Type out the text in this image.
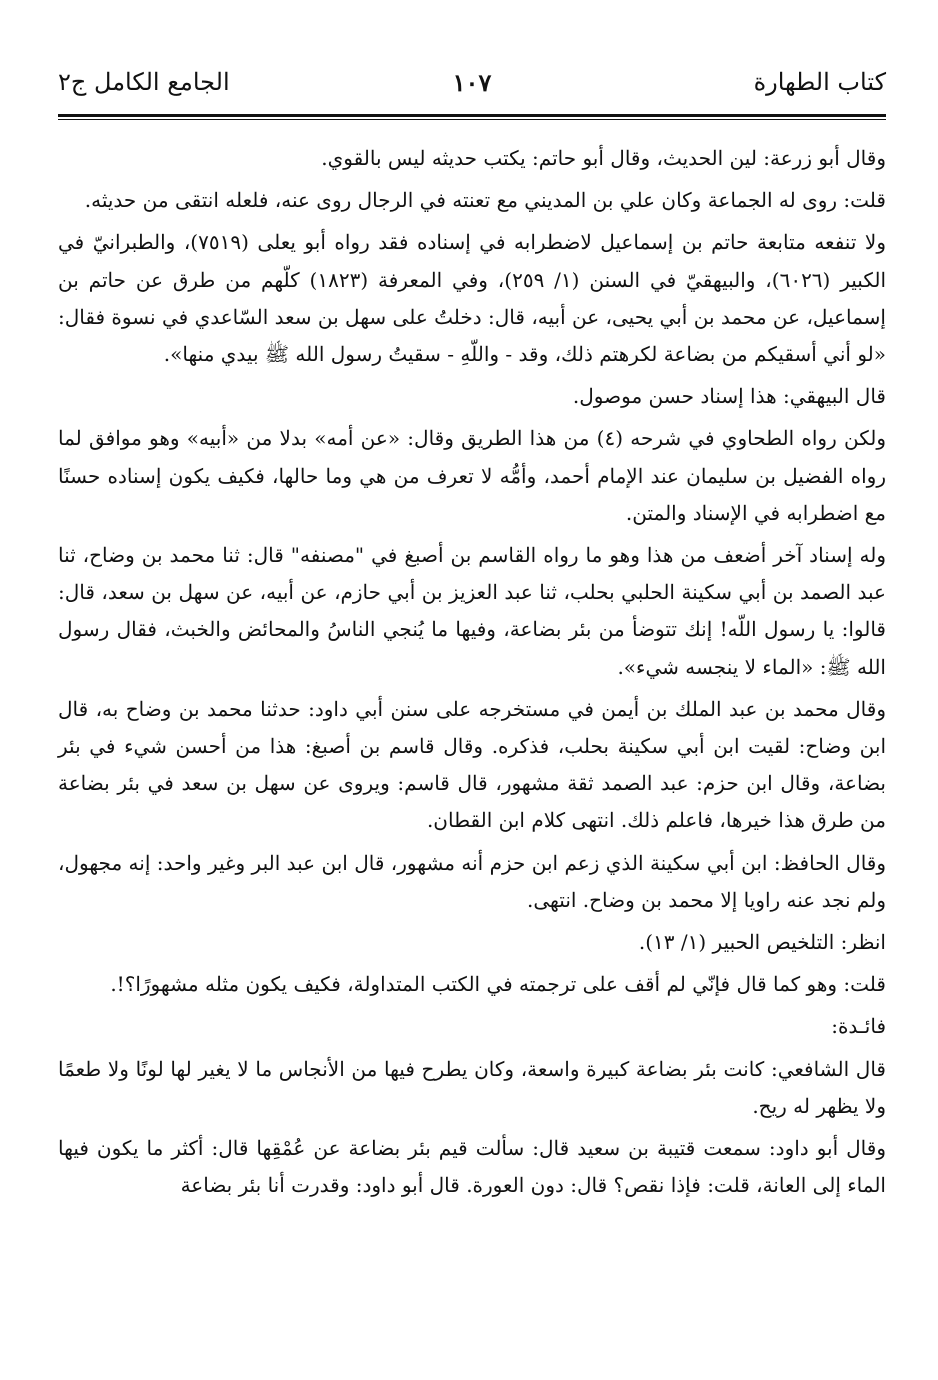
كتاب الطهارة
١٠٧
الجامع الكامل ج٢

وقال أبو زرعة: لين الحديث، وقال أبو حاتم: يكتب حديثه ليس بالقوي.

قلت: روى له الجماعة وكان علي بن المديني مع تعنته في الرجال روى عنه، فلعله انتقى من حديثه.

ولا تنفعه متابعة حاتم بن إسماعيل لاضطرابه في إسناده فقد رواه أبو يعلى (٧٥١٩)، والطبرانيّ في الكبير (٦٠٢٦)، والبيهقيّ في السنن (١/ ٢٥٩)، وفي المعرفة (١٨٢٣) كلّهم من طرق عن حاتم بن إسماعيل، عن محمد بن أبي يحيى، عن أبيه، قال: دخلتُ على سهل بن سعد السّاعدي في نسوة فقال: «لو أني أسقيكم من بضاعة لكرهتم ذلك، وقد - واللّهِ - سقيتُ رسول الله ﷺ بيدي منها».

قال البيهقي: هذا إسناد حسن موصول.

ولكن رواه الطحاوي في شرحه (٤) من هذا الطريق وقال: «عن أمه» بدلا من «أبيه» وهو موافق لما رواه الفضيل بن سليمان عند الإمام أحمد، وأمُّه لا تعرف من هي وما حالها، فكيف يكون إسناده حسنًا مع اضطرابه في الإسناد والمتن.

وله إسناد آخر أضعف من هذا وهو ما رواه القاسم بن أصبغ في "مصنفه" قال: ثنا محمد بن وضاح، ثنا عبد الصمد بن أبي سكينة الحلبي بحلب، ثنا عبد العزيز بن أبي حازم، عن أبيه، عن سهل بن سعد، قال: قالوا: يا رسول اللّه! إنك تتوضأ من بئر بضاعة، وفيها ما يُنجي الناسُ والمحائض والخبث، فقال رسول الله ﷺ: «الماء لا ينجسه شيء».

وقال محمد بن عبد الملك بن أيمن في مستخرجه على سنن أبي داود: حدثنا محمد بن وضاح به، قال ابن وضاح: لقيت ابن أبي سكينة بحلب، فذكره. وقال قاسم بن أصبغ: هذا من أحسن شيء في بئر بضاعة، وقال ابن حزم: عبد الصمد ثقة مشهور، قال قاسم: ويروى عن سهل بن سعد في بئر بضاعة من طرق هذا خيرها، فاعلم ذلك. انتهى كلام ابن القطان.

وقال الحافظ: ابن أبي سكينة الذي زعم ابن حزم أنه مشهور، قال ابن عبد البر وغير واحد: إنه مجهول، ولم نجد عنه راويا إلا محمد بن وضاح. انتهى.

انظر: التلخيص الحبير (١/ ١٣).

قلت: وهو كما قال فإنّي لم أقف على ترجمته في الكتب المتداولة، فكيف يكون مثله مشهورًا؟!.

فائـدة:

قال الشافعي: كانت بئر بضاعة كبيرة واسعة، وكان يطرح فيها من الأنجاس ما لا يغير لها لونًا ولا طعمًا ولا يظهر له ريح.

وقال أبو داود: سمعت قتيبة بن سعيد قال: سألت قيم بئر بضاعة عن عُمْقِها قال: أكثر ما يكون فيها الماء إلى العانة، قلت: فإذا نقص؟ قال: دون العورة. قال أبو داود: وقدرت أنا بئر بضاعة
